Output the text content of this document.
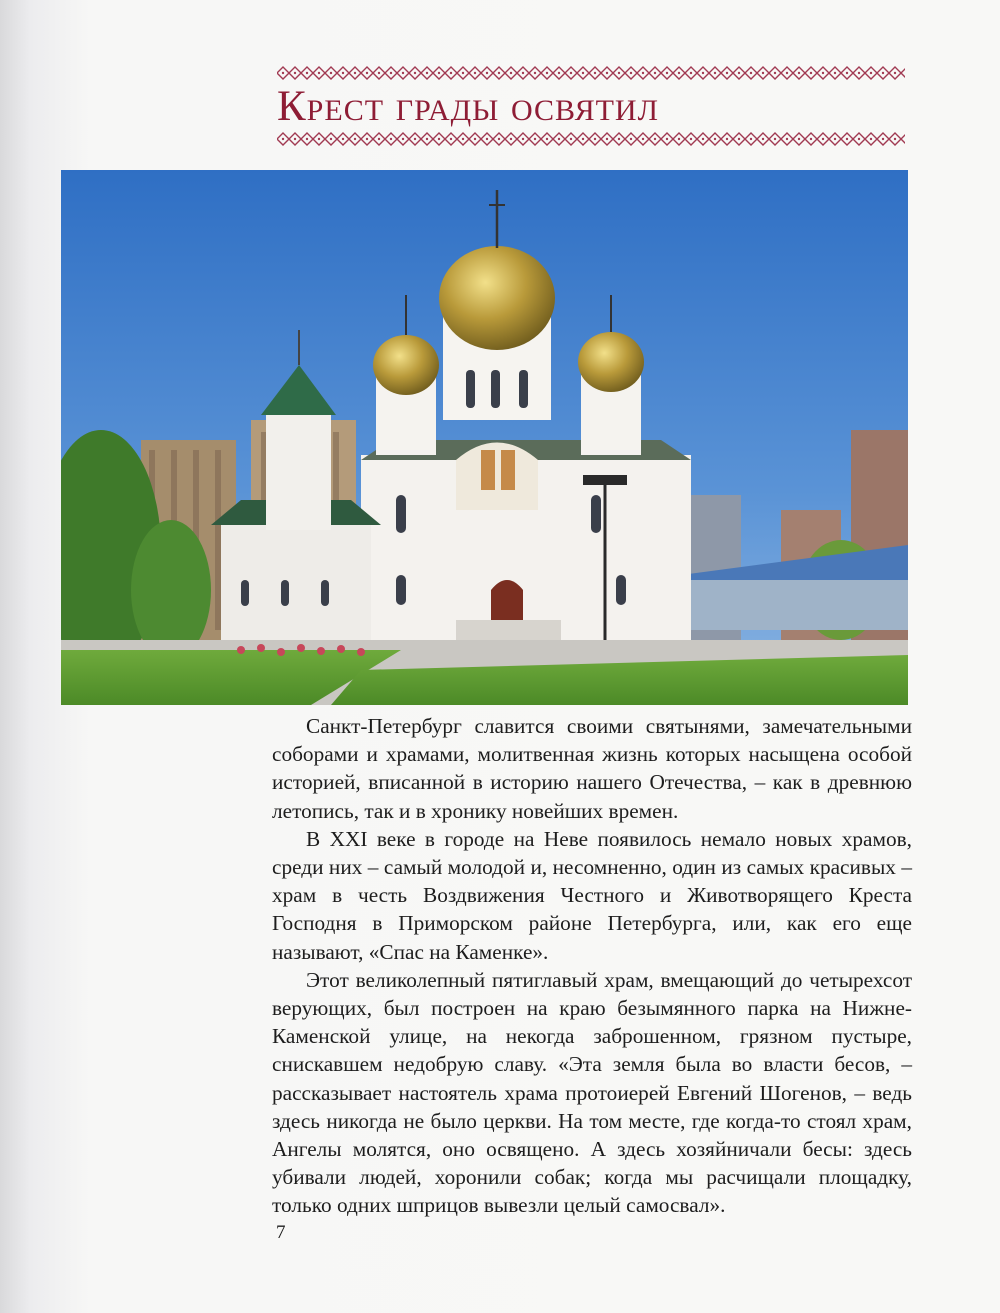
Крест грады освятил

Санкт-Петербург славится своими святынями, замечательными соборами и храмами, молитвенная жизнь которых насыщена особой историей, вписанной в историю нашего Отечества, – как в древнюю летопись, так и в хронику новейших времен.

В XXI веке в городе на Неве появилось немало новых храмов, среди них – самый молодой и, несомненно, один из самых красивых – храм в честь Воздвижения Честного и Животворящего Креста Господня в Приморском районе Петербурга, или, как его еще называют, «Спас на Каменке».

Этот великолепный пятиглавый храм, вмещающий до четырехсот верующих, был построен на краю безымянного парка на Нижне-Каменской улице, на некогда заброшенном, грязном пустыре, снискавшем недобрую славу. «Эта земля была во власти бесов, – рассказывает настоятель храма протоиерей Евгений Шогенов, – ведь здесь никогда не было церкви. На том месте, где когда-то стоял храм, Ангелы молятся, оно освящено. А здесь хозяйничали бесы: здесь убивали людей, хоронили собак; когда мы расчищали площадку, только одних шприцов вывезли целый самосвал».

7
